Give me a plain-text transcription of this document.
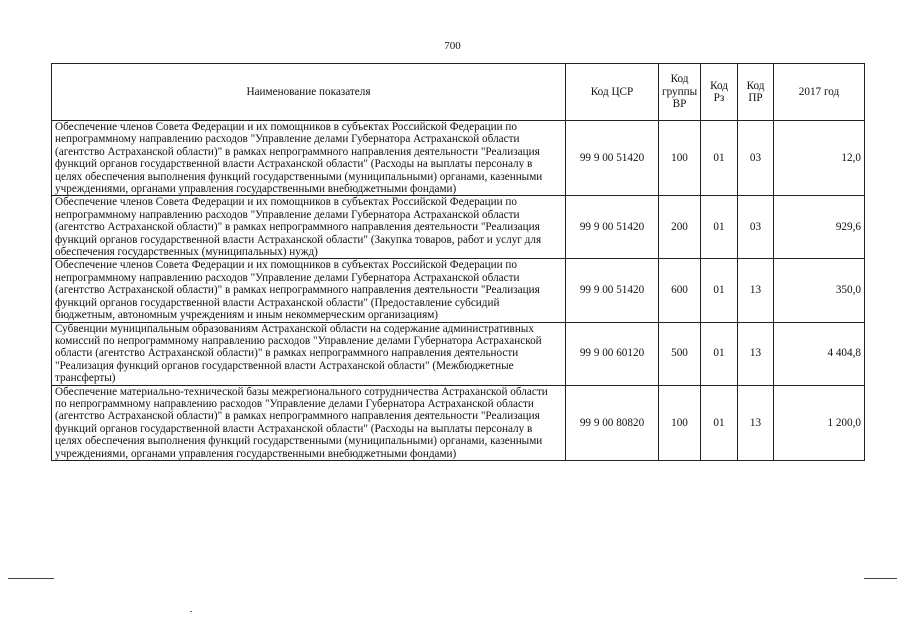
700
Наименование показателя	Код ЦСР	Код группы ВР	Код Рз	Код ПР	2017 год
Обеспечение членов Совета Федерации и их помощников в субъектах Российской Федерации по непрограммному направлению расходов "Управление делами Губернатора Астраханской области (агентство Астраханской области)" в рамках непрограммного направления деятельности "Реализация функций органов государственной власти Астраханской области" (Расходы на выплаты персоналу в целях обеспечения выполнения функций государственными (муниципальными) органами, казенными учреждениями, органами управления государственными внебюджетными фондами)	99 9 00 51420	100	01	03	12,0
Обеспечение членов Совета Федерации и их помощников в субъектах Российской Федерации по непрограммному направлению расходов "Управление делами Губернатора Астраханской области (агентство Астраханской области)" в рамках непрограммного направления деятельности "Реализация функций органов государственной власти Астраханской области" (Закупка товаров, работ и услуг для обеспечения государственных (муниципальных) нужд)	99 9 00 51420	200	01	03	929,6
Обеспечение членов Совета Федерации и их помощников в субъектах Российской Федерации по непрограммному направлению расходов "Управление делами Губернатора Астраханской области (агентство Астраханской области)" в рамках непрограммного направления деятельности "Реализация функций органов государственной власти Астраханской области" (Предоставление субсидий бюджетным, автономным учреждениям и иным некоммерческим организациям)	99 9 00 51420	600	01	13	350,0
Субвенции муниципальным образованиям Астраханской области на содержание административных комиссий по непрограммному направлению расходов "Управление делами Губернатора Астраханской области (агентство Астраханской области)" в рамках непрограммного направления деятельности "Реализация функций органов государственной власти Астраханской области" (Межбюджетные трансферты)	99 9 00 60120	500	01	13	4 404,8
Обеспечение материально-технической базы межрегионального сотрудничества Астраханской области по непрограммному направлению расходов "Управление делами Губернатора Астраханской области (агентство Астраханской области)" в рамках непрограммного направления деятельности "Реализация функций органов государственной власти Астраханской области" (Расходы на выплаты персоналу в целях обеспечения выполнения функций государственными (муниципальными) органами, казенными учреждениями, органами управления государственными внебюджетными фондами)	99 9 00 80820	100	01	13	1 200,0
